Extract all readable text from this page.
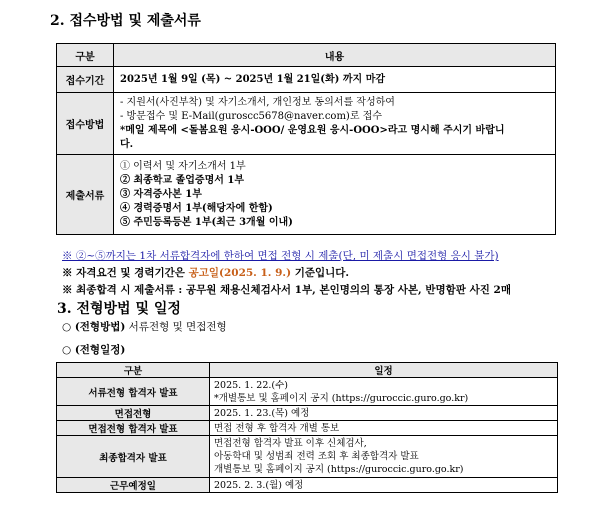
2. 접수방법 및 제출서류
구분	내용
접수기간	2025년 1월 9일 (목) ~ 2025년 1월 21일(화) 까지 마감
접수방법	- 지원서(사진부착) 및 자기소개서, 개인정보 동의서를 작성하여
- 방문접수 및 E-Mail(guroscc5678@naver.com)로 접수
*메일 제목에 <돌봄요원 응시-OOO/ 운영요원 응시-OOO>라고 명시해 주시기 바랍니
다.

제출서류	① 이력서 및 자기소개서 1부
② 최종학교 졸업증명서 1부
③ 자격증사본 1부
④ 경력증명서 1부(해당자에 한함)
⑤ 주민등록등본 1부(최근 3개월 이내)
※ ②~⑤까지는 1차 서류합격자에 한하여 면접 전형 시 제출(단, 미 제출시 면접전형 응시 불가)
※ 자격요건 및 경력기간은 공고일(2025. 1. 9.) 기준입니다.
※ 최종합격 시 제출서류 : 공무원 채용신체검사서 1부, 본인명의의 통장 사본, 반명함판 사진 2매
3. 전형방법 및 일정
○ (전형방법) 서류전형 및 면접전형
○ (전형일정)
구분	일정
서류전형 합격자 발표	2025. 1. 22.(수)
*개별통보 및 홈페이지 공지 (https://guroccic.guro.go.kr)

면접전형	2025. 1. 23.(목) 예정

면접전형 합격자 발표	면접 전형 후 합격자 개별 통보

최종합격자 발표	면접전형 합격자 발표 이후 신체검사,
아동학대 및 성범죄 전력 조회 후 최종합격자 발표
개별통보 및 홈페이지 공지 (https://guroccic.guro.go.kr)

근무예정일	2025. 2. 3.(월) 예정
